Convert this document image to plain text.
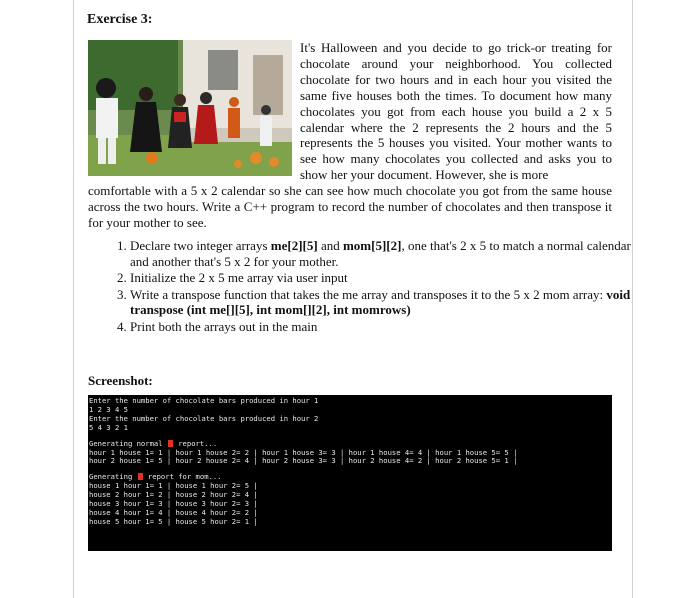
Exercise 3:
It's Halloween and you decide to go trick-or treating for chocolate around your neighborhood. You collected chocolate for two hours and in each hour you visited the same five houses both the times. To document how many chocolates you got from each house you build a 2 x 5 calendar where the 2 represents the 2 hours and the 5 represents the 5 houses you visited. Your mother wants to see how many chocolates you collected and asks you to show her your document. However, she is more
comfortable with a 5 x 2 calendar so she can see how much chocolate you got from the same house across the two hours. Write a C++ program to record the number of chocolates and then transpose it for your mother to see.
1. Declare two integer arrays me[2][5] and mom[5][2], one that's 2 x 5 to match a normal calendar and another that's 5 x 2 for your mother.
2. Initialize the 2 x 5 me array via user input
3. Write a transpose function that takes the me array and transposes it to the 5 x 2 mom array: void transpose (int me[][5], int mom[][2], int momrows)
4. Print both the arrays out in the main
Screenshot:
Enter the number of chocolate bars produced in hour 1
1 2 3 4 5
Enter the number of chocolate bars produced in hour 2
5 4 3 2 1
Generating normal  report...
hour 1 house 1= 1 | hour 1 house 2= 2 | hour 1 house 3= 3 | hour 1 house 4= 4 | hour 1 house 5= 5 |
hour 2 house 1= 5 | hour 2 house 2= 4 | hour 2 house 3= 3 | hour 2 house 4= 2 | hour 2 house 5= 1 |
Generating  report for mom...
house 1 hour 1= 1 | house 1 hour 2= 5 |
house 2 hour 1= 2 | house 2 hour 2= 4 |
house 3 hour 1= 3 | house 3 hour 2= 3 |
house 4 hour 1= 4 | house 4 hour 2= 2 |
house 5 hour 1= 5 | house 5 hour 2= 1 |
